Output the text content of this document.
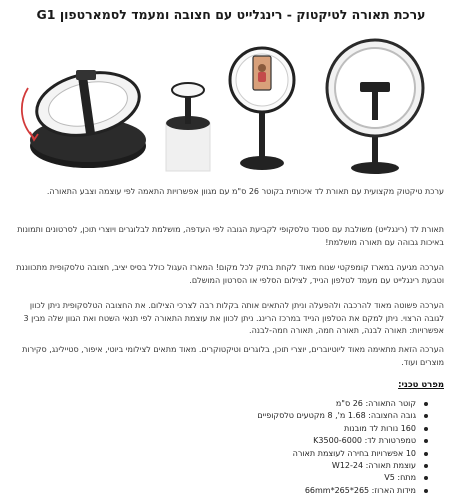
ערכת תאורה לטיקטוק - רינגלייט עם חצובה ומעמד לסמארטפון G1
ערכת טיקטוק מקצועית עם תאורת לד איכותית בקוטר 26 ס"מ עם מגוון אפשרויות התאמה לפי עוצמה וצבע התאורה.
תאורת לד (רינגלייט) משולבת עם סטנד טלסקופי לקביעת הגובה לפי העדפה, מושלמת לבלוגרים ויוצרי תוכן, לסרטונים ותמונות באיכות גבוהה עם תאורה מושלמת!
הערכה מגיעה במארז קומפקטי שנוח מאוד לקחת בתיק לכל מקום! המארז העגול כולל בסיס יציב, חצובה טלסקופית מתכווננת וטבעת רינגלייט עם מעמד לטלפון הנייד, לצילום הסלפי או הסרטון המושלם.
הערכה פשוטה מאוד להרכבה ולהפעלה וניתן להתאים אותה בקלות רבה לצרכי הצילום. את החצובה הטלסקופית ניתן לכוון לגובה הרצוי. ניתן למקם את הטלפון הנייד במרכז הרינג. ניתן לכוון את עוצמת התאורה לפי תנאי השטח ואת הגוון שלה מבין 3 אפשרויות: תאורה לבנה, תאורה חמה, תאורה חמה-לבנה.
הערכה הזאת מתאימה מאוד ליוטיוברים, יוצרי תוכן, בלוגרים וטיקטוקרים. מאוד מתאים לצילומי ביוטי, איפור, סטיילינג, סקירות מוצרים ועוד.
מפרט טכני:
קוטר התאורה: 26 ס"מ
גובה החצובה: 1.68 מ', 8 מקטעים טלסקופיים
160 נורות לד מובנות
טמפרטורת לד: K3500-6000
10 אפשרויות בחירה לעוצמת תאורה
עוצמת תאורה: W12-24
מתח: V5
מידות הארוז: 265*265*66mm
